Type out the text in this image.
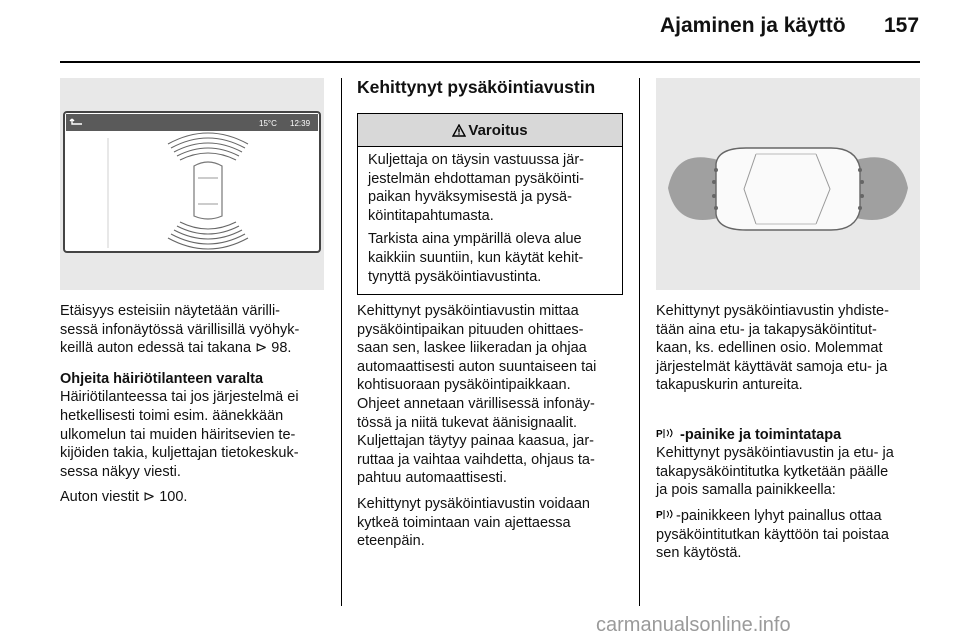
Ajaminen ja käyttö 157
15°C 12:39

Etäisyys esteisiin näytetään värilli-
sessä infonäytössä värillisillä vyöhyk-
keillä auton edessä tai takana ⊳ 98.

Ohjeita häiriötilanteen varalta

Häiriötilanteessa tai jos järjestelmä ei
hetkellisesti toimi esim. äänekkään
ulkomelun tai muiden häiritsevien te-
kijöiden takia, kuljettajan tietokeskuk-
sessa näkyy viesti.

Auton viestit ⊳ 100.

Kehittynyt pysäköintiavustin
Varoitus

Kuljettaja on täysin vastuussa jär-
jestelmän ehdottaman pysäköinti-
paikan hyväksymisestä ja pysä-
köintitapahtumasta.

Tarkista aina ympärillä oleva alue
kaikkiin suuntiin, kun käytät kehit-
tynyttä pysäköintiavustinta.

Kehittynyt pysäköintiavustin mittaa
pysäköintipaikan pituuden ohittaes-
saan sen, laskee liikeradan ja ohjaa
automaattisesti auton suuntaiseen tai
kohtisuoraan pysäköintipaikkaan.
Ohjeet annetaan värillisessä infonäy-
tössä ja niitä tukevat äänisignaalit.
Kuljettajan täytyy painaa kaasua, jar-
ruttaa ja vaihtaa vaihdetta, ohjaus ta-
pahtuu automaattisesti.

Kehittynyt pysäköintiavustin voidaan
kytkeä toimintaan vain ajettaessa
eteenpäin.

Kehittynyt pysäköintiavustin yhdiste-
tään aina etu- ja takapysäköintitut-
kaan, ks. edellinen osio. Molemmat
järjestelmät käyttävät samoja etu- ja
takapuskurin antureita.

P -painike ja toimintatapa

Kehittynyt pysäköintiavustin ja etu- ja
takapysäköintitutka kytketään päälle
ja pois samalla painikkeella:

P -painikkeen lyhyt painallus ottaa
pysäköintitutkan käyttöön tai poistaa
sen käytöstä.

carmanualsonline.info
